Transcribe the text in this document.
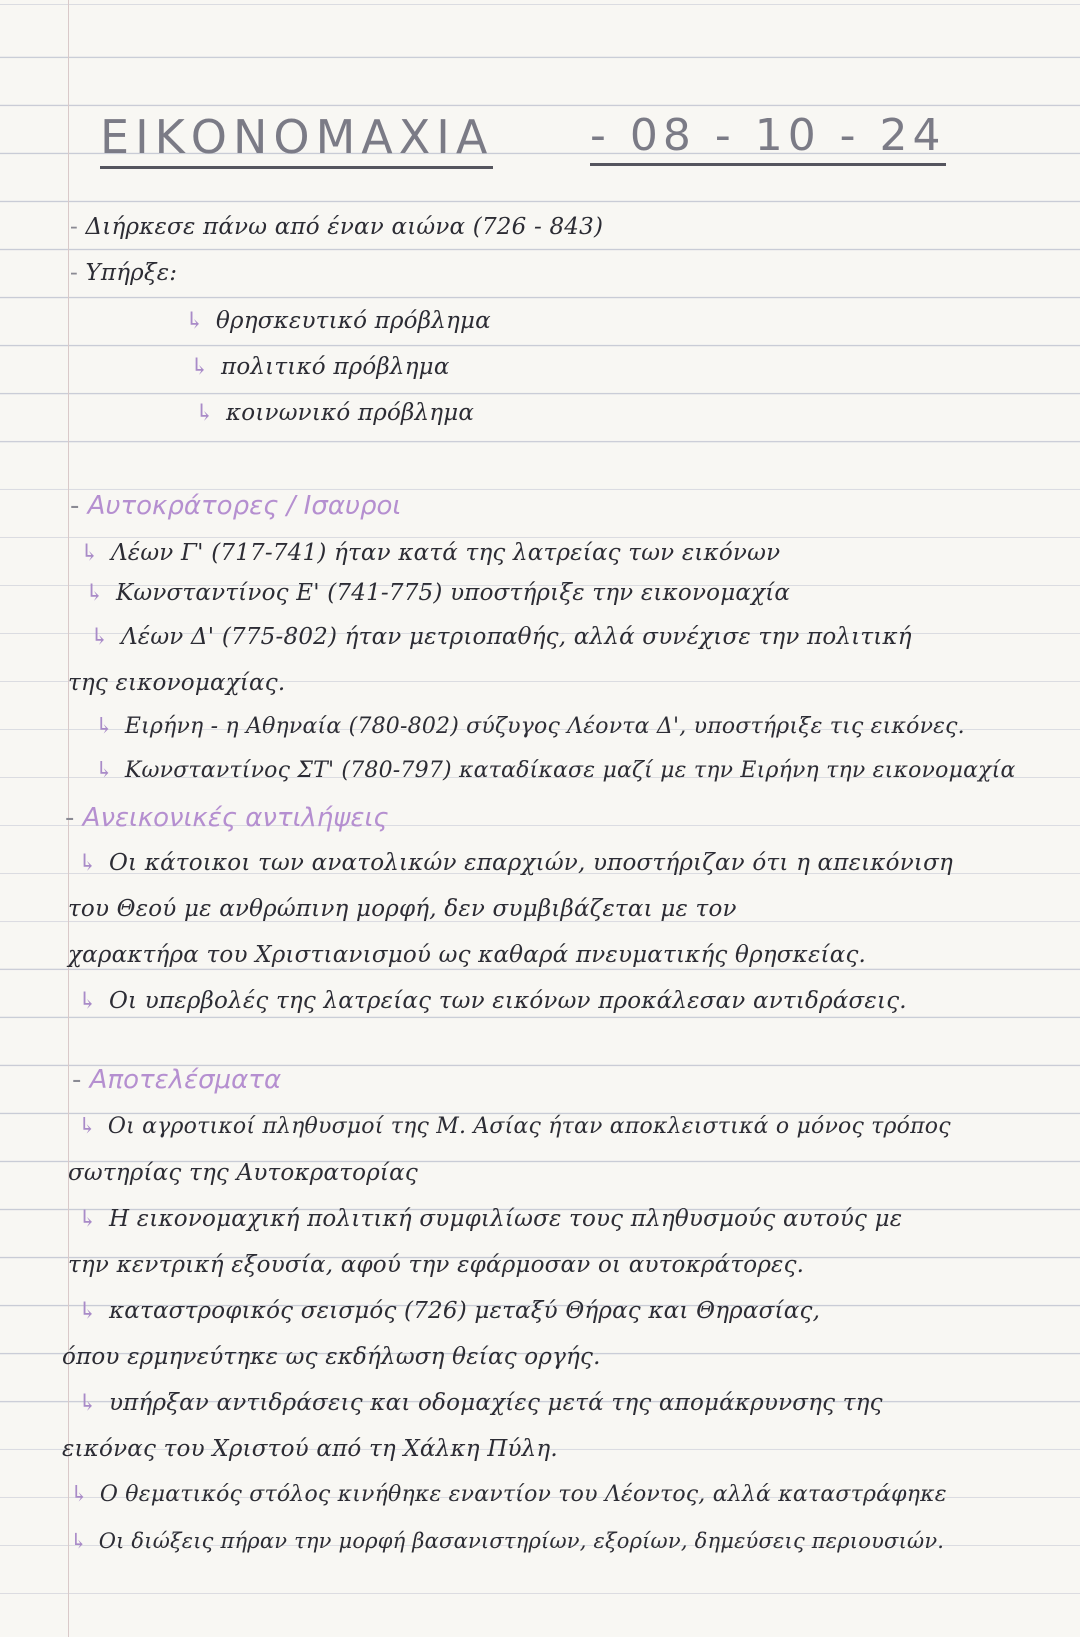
ΕΙΚΟΝΟΜΑΧΙΑ - 08 - 10 - 24
- Διήρκεσε πάνω από έναν αιώνα (726 - 843)
- Υπήρξε:
↳ θρησκευτικό πρόβλημα
↳ πολιτικό πρόβλημα
↳ κοινωνικό πρόβλημα
- Αυτοκράτορες / Ισαυροι
↳ Λέων Γ' (717-741) ήταν κατά της λατρείας των εικόνων
↳ Κωνσταντίνος Ε' (741-775) υποστήριξε την εικονομαχία
↳ Λέων Δ' (775-802) ήταν μετριοπαθής, αλλά συνέχισε την πολιτική
της εικονομαχίας.
↳ Ειρήνη - η Αθηναία (780-802) σύζυγος Λέοντα Δ', υποστήριξε τις εικόνες.
↳ Κωνσταντίνος ΣΤ' (780-797) καταδίκασε μαζί με την Ειρήνη την εικονομαχία
- Ανεικονικές αντιλήψεις
↳ Οι κάτοικοι των ανατολικών επαρχιών, υποστήριζαν ότι η απεικόνιση
του Θεού με ανθρώπινη μορφή, δεν συμβιβάζεται με τον
χαρακτήρα του Χριστιανισμού ως καθαρά πνευματικής θρησκείας.
↳ Οι υπερβολές της λατρείας των εικόνων προκάλεσαν αντιδράσεις.
- Αποτελέσματα
↳ Οι αγροτικοί πληθυσμοί της Μ. Ασίας ήταν αποκλειστικά ο μόνος τρόπος
σωτηρίας της Αυτοκρατορίας
↳ Η εικονομαχική πολιτική συμφιλίωσε τους πληθυσμούς αυτούς με
την κεντρική εξουσία, αφού την εφάρμοσαν οι αυτοκράτορες.
↳ καταστροφικός σεισμός (726) μεταξύ Θήρας και Θηρασίας,
όπου ερμηνεύτηκε ως εκδήλωση θείας οργής.
↳ υπήρξαν αντιδράσεις και οδομαχίες μετά της απομάκρυνσης της
εικόνας του Χριστού από τη Χάλκη Πύλη.
↳ Ο θεματικός στόλος κινήθηκε εναντίον του Λέοντος, αλλά καταστράφηκε
↳ Οι διώξεις πήραν την μορφή βασανιστηρίων, εξορίων, δημεύσεις περιουσιών.
